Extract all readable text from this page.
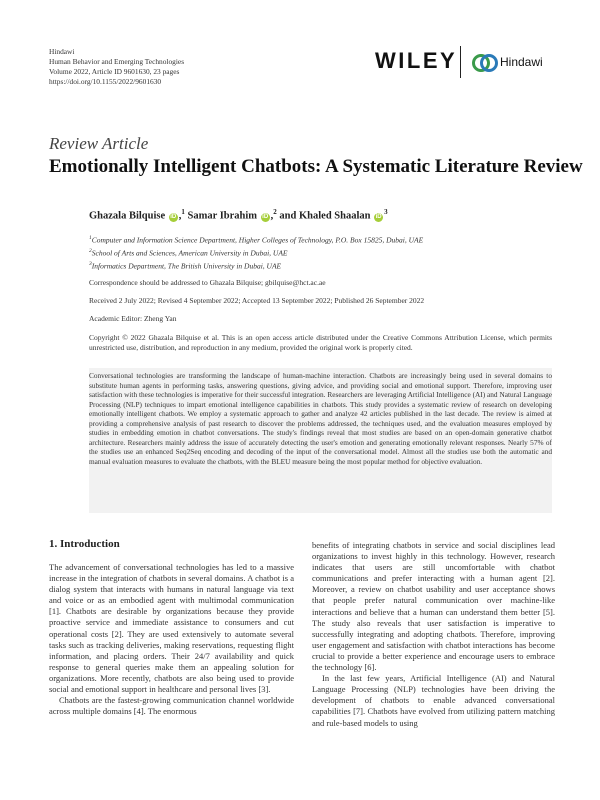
Hindawi
Human Behavior and Emerging Technologies
Volume 2022, Article ID 9601630, 23 pages
https://doi.org/10.1155/2022/9601630
WILEY	Hindawi
Review Article
Emotionally Intelligent Chatbots: A Systematic Literature Review
Ghazala Bilquise iD ,$^1$ Samar Ibrahim iD ,$^2$ and Khaled Shaalan $iD^3$
$^1$Computer and Information Science Department, Higher Colleges of Technology, P.O. Box 15825, Dubai, UAE
$^2$School of Arts and Sciences, American University in Dubai, UAE
$^3$Informatics Department, The British University in Dubai, UAE
Correspondence should be addressed to Ghazala Bilquise; gbilquise@hct.ac.ae
Received 2 July 2022; Revised 4 September 2022; Accepted 13 September 2022; Published 26 September 2022
Academic Editor: Zheng Yan
Copyright © 2022 Ghazala Bilquise et al. This is an open access article distributed under the Creative Commons Attribution License, which permits unrestricted use, distribution, and reproduction in any medium, provided the original work is properly cited.
Conversational technologies are transforming the landscape of human-machine interaction. Chatbots are increasingly being used in several domains to substitute human agents in performing tasks, answering questions, giving advice, and providing social and emotional support. Therefore, improving user satisfaction with these technologies is imperative for their successful integration. Researchers are leveraging Artificial Intelligence (AI) and Natural Language Processing (NLP) techniques to impart emotional intelligence capabilities in chatbots. This study provides a systematic review of research on developing emotionally intelligent chatbots. We employ a systematic approach to gather and analyze 42 articles published in the last decade. The review is aimed at providing a comprehensive analysis of past research to discover the problems addressed, the techniques used, and the evaluation measures employed by studies in embedding emotion in chatbot conversations. The study's findings reveal that most studies are based on an open-domain generative chatbot architecture. Researchers mainly address the issue of accurately detecting the user's emotion and generating emotionally relevant responses. Nearly 57% of the studies use an enhanced Seq2Seq encoding and decoding of the input of the conversational model. Almost all the studies use both the automatic and manual evaluation measures to evaluate the chatbots, with the BLEU measure being the most popular method for objective evaluation.
1. Introduction

The advancement of conversational technologies has led to a massive increase in the integration of chatbots in several domains. A chatbot is a dialog system that interacts with humans in natural language via text and voice or as an embodied agent with multimodal communication [1]. Chatbots are desirable by organizations because they provide proactive service and immediate assistance to consumers and cut operational costs [2]. They are used extensively to automate several tasks such as tracking deliveries, making reservations, requesting flight information, and placing orders. Their 24/7 availability and quick response to general queries make them an appealing solution for organizations. More recently, chatbots are also being used to provide social and emotional support in healthcare and personal lives [3].

Chatbots are the fastest-growing communication channel worldwide across multiple domains [4]. The enormous

benefits of integrating chatbots in service and social disciplines lead organizations to invest highly in this technology. However, research indicates that users are still uncomfortable with chatbot communications and prefer interacting with a human agent [2]. Moreover, a review on chatbot usability and user acceptance shows that people prefer natural communication over machine-like interactions and believe that a human can understand them better [5]. The study also reveals that user satisfaction is imperative to successfully integrating and adopting chatbots. Therefore, improving user engagement and satisfaction with chatbot interactions has become crucial to provide a better experience and encourage users to embrace the technology [6].

In the last few years, Artificial Intelligence (AI) and Natural Language Processing (NLP) technologies have been driving the development of chatbots to enable advanced conversational capabilities [7]. Chatbots have evolved from utilizing pattern matching and rule-based models to using
